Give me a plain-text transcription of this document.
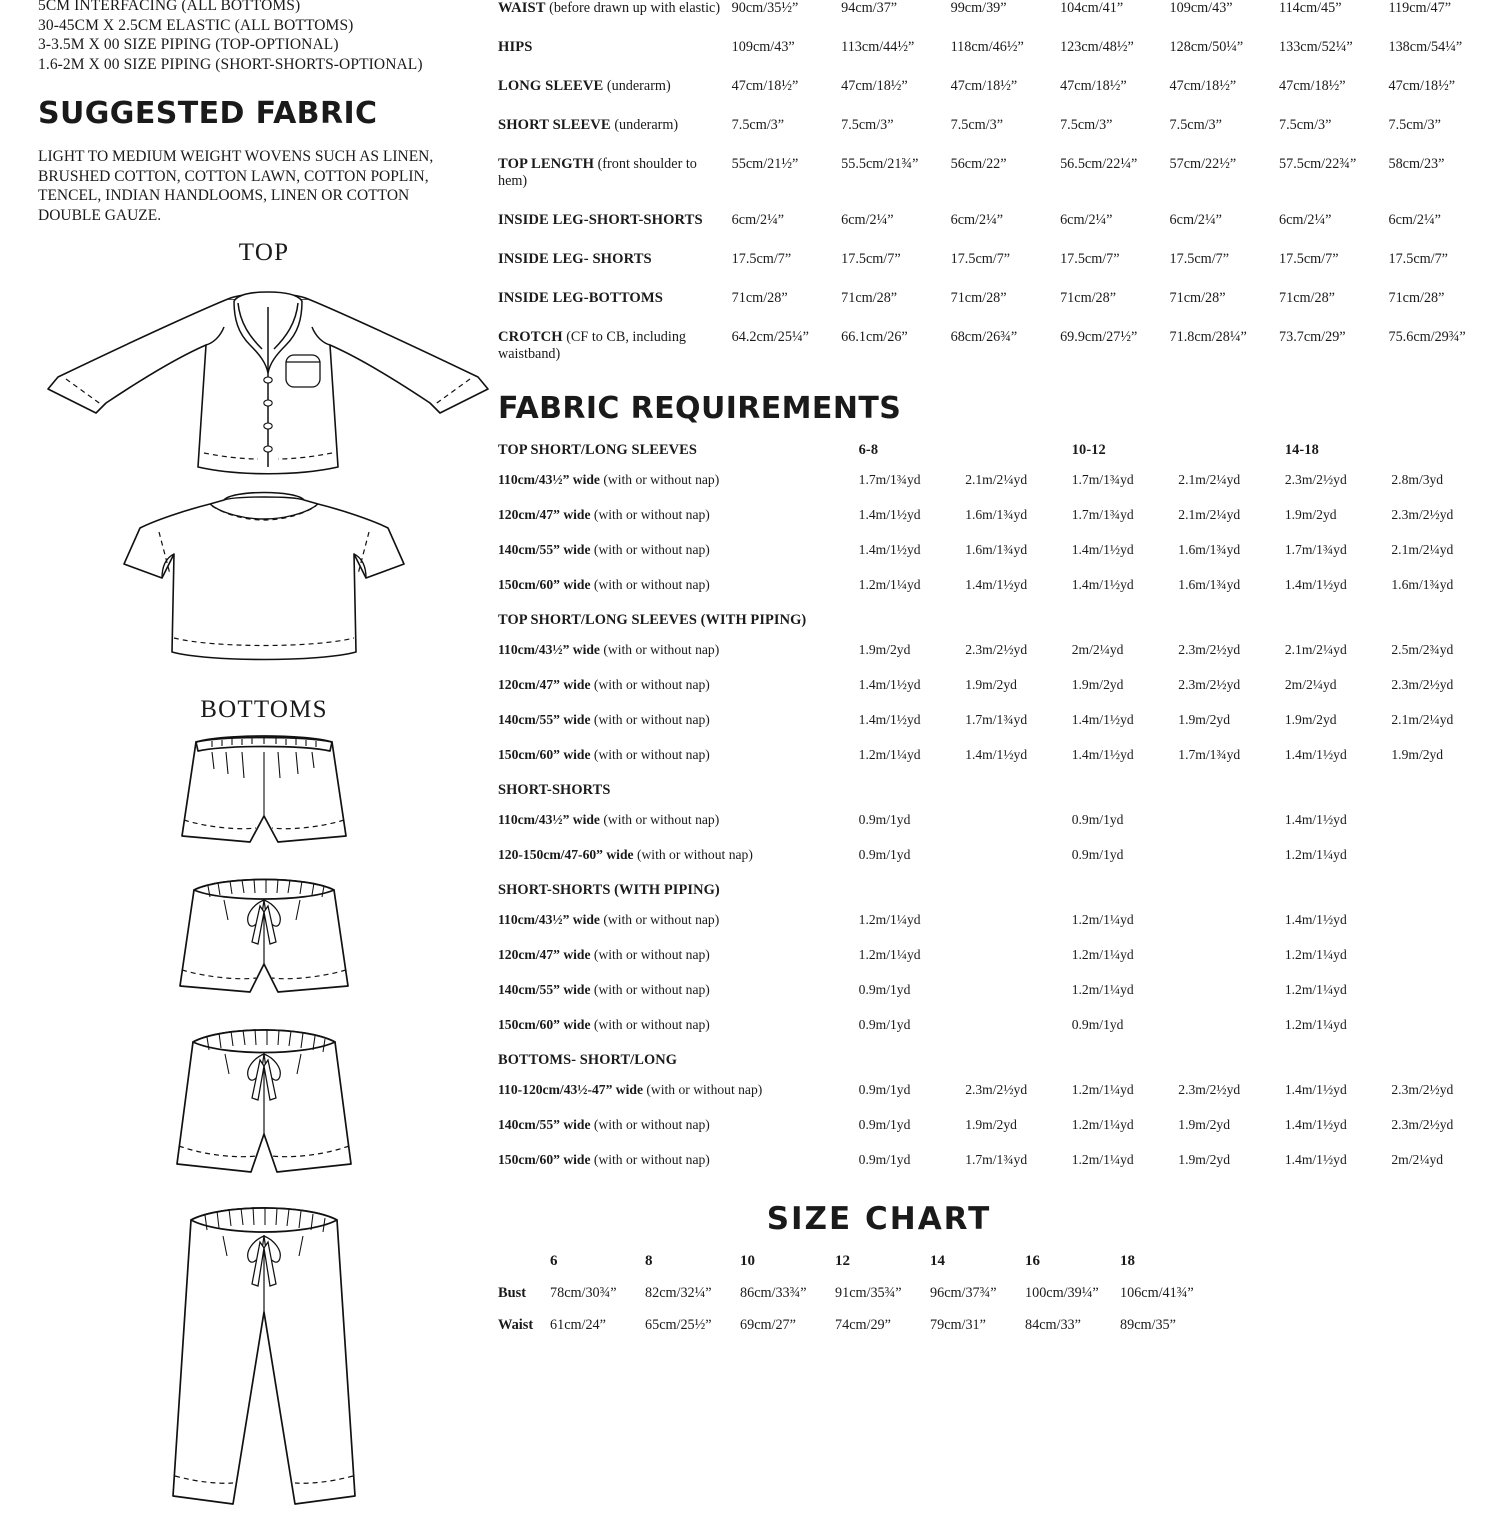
5CM INTERFACING (ALL BOTTOMS)
30-45CM X 2.5CM ELASTIC (ALL BOTTOMS)
3-3.5M X 00 SIZE PIPING (TOP-OPTIONAL)
1.6-2M X 00 SIZE PIPING (SHORT-SHORTS-OPTIONAL)
SUGGESTED FABRIC

LIGHT TO MEDIUM WEIGHT WOVENS SUCH AS LINEN, BRUSHED COTTON, COTTON LAWN, COTTON POPLIN, TENCEL, INDIAN HANDLOOMS, LINEN OR COTTON DOUBLE GAUZE.

TOP
BOTTOMS
WAIST (before drawn up with elastic)	90cm/35½”	94cm/37”	99cm/39”	104cm/41”	109cm/43”	114cm/45”	119cm/47”
HIPS	109cm/43”	113cm/44½”	118cm/46½”	123cm/48½”	128cm/50¼”	133cm/52¼”	138cm/54¼”
LONG SLEEVE (underarm)	47cm/18½”	47cm/18½”	47cm/18½”	47cm/18½”	47cm/18½”	47cm/18½”	47cm/18½”
SHORT SLEEVE (underarm)	7.5cm/3”	7.5cm/3”	7.5cm/3”	7.5cm/3”	7.5cm/3”	7.5cm/3”	7.5cm/3”
TOP LENGTH (front shoulder to hem)	55cm/21½”	55.5cm/21¾”	56cm/22”	56.5cm/22¼”	57cm/22½”	57.5cm/22¾”	58cm/23”
INSIDE LEG-SHORT-SHORTS	6cm/2¼”	6cm/2¼”	6cm/2¼”	6cm/2¼”	6cm/2¼”	6cm/2¼”	6cm/2¼”
INSIDE LEG- SHORTS	17.5cm/7”	17.5cm/7”	17.5cm/7”	17.5cm/7”	17.5cm/7”	17.5cm/7”	17.5cm/7”
INSIDE LEG-BOTTOMS	71cm/28”	71cm/28”	71cm/28”	71cm/28”	71cm/28”	71cm/28”	71cm/28”
CROTCH (CF to CB, including waistband)	64.2cm/25¼”	66.1cm/26”	68cm/26¾”	69.9cm/27½”	71.8cm/28¼”	73.7cm/29”	75.6cm/29¾”
FABRIC REQUIREMENTS
TOP SHORT/LONG SLEEVES	6-8		10-12		14-18	
110cm/43½” wide (with or without nap)	1.7m/1¾yd	2.1m/2¼yd	1.7m/1¾yd	2.1m/2¼yd	2.3m/2½yd	2.8m/3yd
120cm/47” wide (with or without nap)	1.4m/1½yd	1.6m/1¾yd	1.7m/1¾yd	2.1m/2¼yd	1.9m/2yd	2.3m/2½yd
140cm/55” wide (with or without nap)	1.4m/1½yd	1.6m/1¾yd	1.4m/1½yd	1.6m/1¾yd	1.7m/1¾yd	2.1m/2¼yd
150cm/60” wide (with or without nap)	1.2m/1¼yd	1.4m/1½yd	1.4m/1½yd	1.6m/1¾yd	1.4m/1½yd	1.6m/1¾yd
TOP SHORT/LONG SLEEVES (WITH PIPING)						
110cm/43½” wide (with or without nap)	1.9m/2yd	2.3m/2½yd	2m/2¼yd	2.3m/2½yd	2.1m/2¼yd	2.5m/2¾yd
120cm/47” wide (with or without nap)	1.4m/1½yd	1.9m/2yd	1.9m/2yd	2.3m/2½yd	2m/2¼yd	2.3m/2½yd
140cm/55” wide (with or without nap)	1.4m/1½yd	1.7m/1¾yd	1.4m/1½yd	1.9m/2yd	1.9m/2yd	2.1m/2¼yd
150cm/60” wide (with or without nap)	1.2m/1¼yd	1.4m/1½yd	1.4m/1½yd	1.7m/1¾yd	1.4m/1½yd	1.9m/2yd
SHORT-SHORTS						
110cm/43½” wide (with or without nap)	0.9m/1yd		0.9m/1yd		1.4m/1½yd	
120-150cm/47-60” wide (with or without nap)	0.9m/1yd		0.9m/1yd		1.2m/1¼yd	
SHORT-SHORTS (WITH PIPING)						
110cm/43½” wide (with or without nap)	1.2m/1¼yd		1.2m/1¼yd		1.4m/1½yd	
120cm/47” wide (with or without nap)	1.2m/1¼yd		1.2m/1¼yd		1.2m/1¼yd	
140cm/55” wide (with or without nap)	0.9m/1yd		1.2m/1¼yd		1.2m/1¼yd	
150cm/60” wide (with or without nap)	0.9m/1yd		0.9m/1yd		1.2m/1¼yd	
BOTTOMS- SHORT/LONG						
110-120cm/43½-47” wide (with or without nap)	0.9m/1yd	2.3m/2½yd	1.2m/1¼yd	2.3m/2½yd	1.4m/1½yd	2.3m/2½yd
140cm/55” wide (with or without nap)	0.9m/1yd	1.9m/2yd	1.2m/1¼yd	1.9m/2yd	1.4m/1½yd	2.3m/2½yd
150cm/60” wide (with or without nap)	0.9m/1yd	1.7m/1¾yd	1.2m/1¼yd	1.9m/2yd	1.4m/1½yd	2m/2¼yd
SIZE CHART
	6	8	10	12	14	16	18
Bust	78cm/30¾”	82cm/32¼”	86cm/33¾”	91cm/35¾”	96cm/37¾”	100cm/39¼”	106cm/41¾”
Waist	61cm/24”	65cm/25½”	69cm/27”	74cm/29”	79cm/31”	84cm/33”	89cm/35”
